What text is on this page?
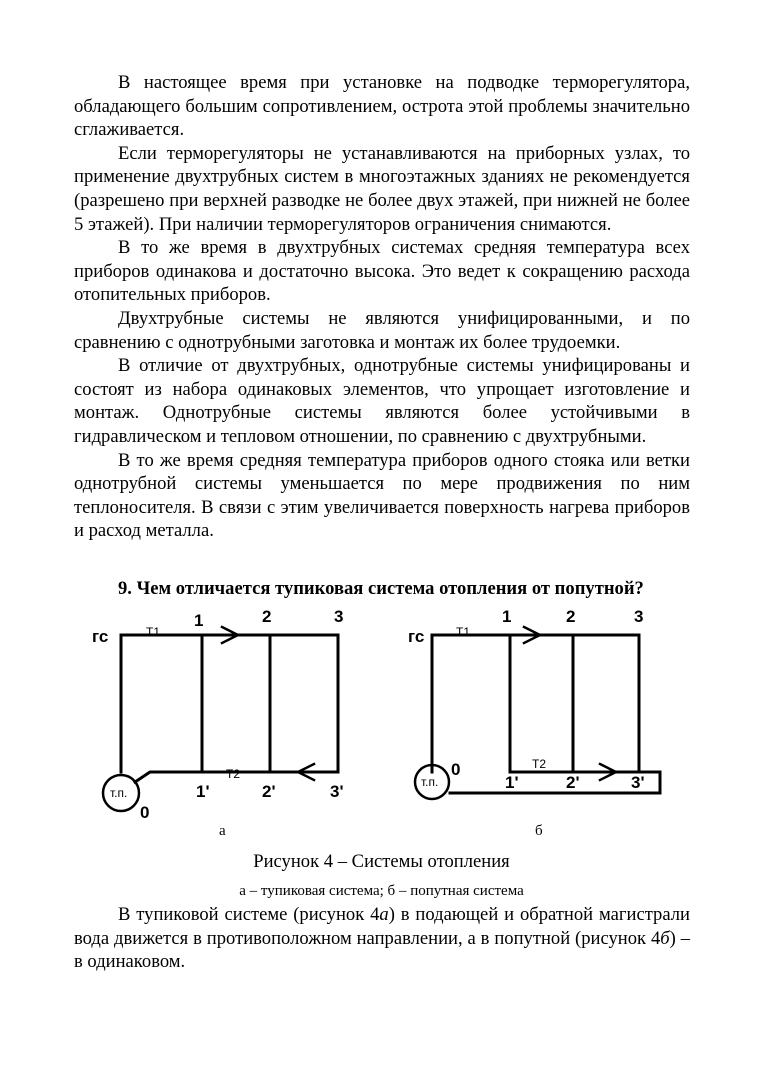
В настоящее время при установке на подводке терморегулятора, обладающего большим сопротивлением, острота этой проблемы значительно сглаживается.

Если терморегуляторы не устанавливаются на приборных узлах, то применение двухтрубных систем в многоэтажных зданиях не рекомендуется (разрешено при верхней разводке не более двух этажей, при нижней не более 5 этажей). При наличии терморегуляторов ограничения снимаются.

В то же время в двухтрубных системах средняя температура всех приборов одинакова и достаточно высока. Это ведет к сокращению расхода отопительных приборов.

Двухтрубные системы не являются унифицированными, и по сравнению с однотрубными заготовка и монтаж их более трудоемки.

В отличие от двухтрубных, однотрубные системы унифицированы и состоят из набора одинаковых элементов, что упрощает изготовление и монтаж. Однотрубные системы являются более устойчивыми в гидравлическом и тепловом отношении, по сравнению с двухтрубными.

В то же время средняя температура приборов одного стояка или ветки однотрубной системы уменьшается по мере продвижения по ним теплоносителя. В связи с этим увеличивается поверхность нагрева приборов и расход металла.

9. Чем отличается тупиковая система отопления от попутной?
гс	Т1
Т2
1	2	3
1'	2'	3'
т.п.
0
гс	Т1
Т2
1	2	3
1'	2'	3'
т.п.
0
а	б
Рисунок 4 – Системы отопления
а – тупиковая система; б – попутная система

В тупиковой системе (рисунок 4а) в подающей и обратной магистрали вода движется в противоположном направлении, а в попутной (рисунок 4б) – в одинаковом.
